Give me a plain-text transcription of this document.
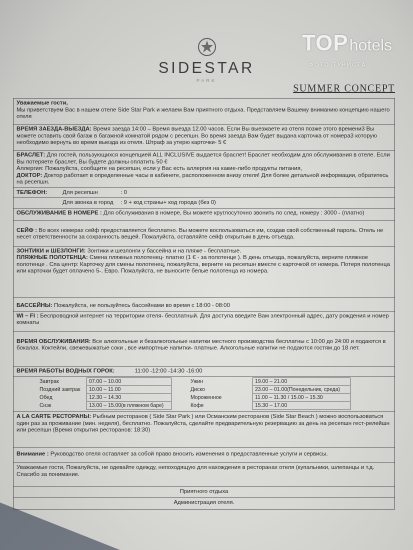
SIDESTAR
PARK
SUMMER CONCEPT
Уважаемые гости,
Мы приветствуем Вас в нашем отеле Side Star Park и желаем Вам приятного отдыха. Представляем Вашему вниманию концепцию нашего отеля
ВРЕМЯ ЗАЕЗДА-ВЫЕЗДА: Время заезда 14:00 – Время выезда 12.00 часов. Если Вы выезжаете из отеля позже этого времени3 Вы можете оставить свой багаж в багажной комнатой рядом с ресепшн. Во время заезда Вам будет выдана карточка от номера3 которую необходимо вернуть во время выезда из отеля. Штраф за утерю карточки- 5 €

БРАСЛЕТ: Для гостей, пользующихся концепцией ALL INCLUSIVE выдается браслет! Браслет необходим для обслуживания в отеле. Если Вы потеряете браслет, Вы будете должны оплатить 50 €

Аллергия: Пожалуйста, сообщите на ресепшн, если у Вас есть аллергия на какие-либо продукты питания,

ДОКТОР: Доктор работает в определенные часы в кабинете, расположенном внизу отеля! Для более детальной информации, обратитесь на ресепшн.

ТЕЛЕФОН: Для ресепшн : 0
Для звонка в город : 9 + код страны+ код города (без 0)
ОБСЛУЖИВАНИЕ В НОМЕРЕ : Для обслуживания в номере, Вы можете круглосуточно звонить по след. номеру : 3000 - (платно)
СЕЙФ : Во всех номерах сейф предоставляется бесплатно. Вы можете воспользоваться им, создав свой собственный пароль. Отель не несет ответственности за сохранность вещей. Пожалуйста, оставляйте сейф открытым в день отъезда.

ЗОНТИКИ и ШЕЗЛОНГИ: Зонтики и шезлонги у бассейна и на пляже - бесплатные.

ПЛЯЖНЫЕ ПОЛОТЕНЦА: Смена пляжных полотенец- платно (1 € - за полотенце ). В день отъезда, пожалуйста, верните пляжное полотенце . Спа центр: Карточку для смены полотенец, пожалуйста, верните на ресепшн вместе с карточкой от номера. Потеря полотенца или карточки будет оплачено 5-. Евро. Пожалуйста, не выносите белые полотенца из номера.

БАССЕЙНЫ: Пожалуйста, не пользуйтесь бассейнами во время с 18:00 - 08:00
WI – FI : Беспроводной интернет на территории отеля- бесплатный. Для доступа введите Вам электронный адрес, дату рождения и номер комнаты
ВРЕМЯ ОБСЛУЖИВАНИЯ: Все алкогольные и безалкогольные напитки местного производства бесплатны с 10:00 до 24:00 и подаются в бокалах. Коктейли, свежевыжатые соки , все импортные напитки- платные. Алкогольные напитки не подаются гостям до 18 лет.
ВРЕМЯ РАБОТЫ ВОДНЫХ ГОРОК: 11:00 -12:00 -14:30 -16:00
Завтрак	07.00 – 10.00	Ужин	19.00 – 21.00
Поздний завтрак 10.00 – 11.00	Диско	23.00 – 01.00(Понедельник, среда)
Обед	12.30 – 14.30	Мороженное	11.00 – 11.30 / 15.00 – 15.30
Снэк	13.00 – 15.00(в пляжном баре)	Кофе	15.30 – 17.00
A LA CARTE РЕСТОРАНЫ: Рыбным ресторанов ( Side Star Park ) или Османским ресторанов (Side Star Beach ) можно воспользоваться один раз за проживание (мин. неделя), бесплатно. Пожалуйста, сделайте предварительную резервацию за день на ресепшн гест-релейшн или ресепшн (Время открытия ресторанов: 18:30)
Внимание : Руководство отеля оставляет за собой право вносить изменения в предоставленные услуги и сервисы.
Уважаемые гости, Пожалуйста, не одевайте одежду, непоходящую для нахождения в ресторанах отеля (купальники, шлепанцы и т.д. Спасибо за понимание.
Приятного отдыха
Администрация отеля.
TOPhotels
ФОТО ТУРИСТА
